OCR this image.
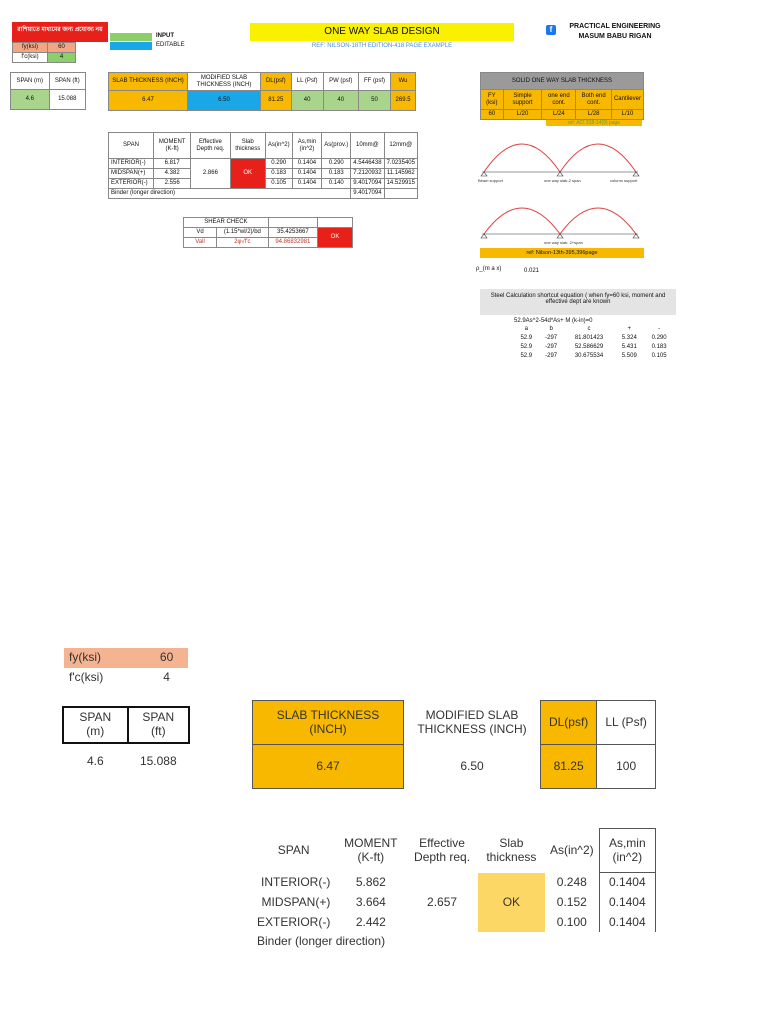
রাশিয়াতে মাধ্যমের জন্য প্রযোজ্য নয়
fy(ksi)	60
f'c(ksi)	4
INPUT
EDITABLE
ONE WAY SLAB DESIGN
REF: NILSON-18TH EDITION-418 PAGE EXAMPLE
f	PRACTICAL ENGINEERING
MASUM BABU RIGAN
SPAN (m)	SPAN (ft)
4.6	15.088
SLAB THICKNESS (INCH)	MODIFIED SLAB THICKNESS (INCH)	DL(psf)	LL (Psf)	PW (psf)	FF (psf)	Wu
6.47	6.50	81.25	40	40	50	269.5
SOLID ONE WAY SLAB THICKNESS				
FY (ksi)	Simple support	one end cont.	Both end cont.	Cantilever
60	L/20	L/24	L/28	L/10
ref: ACI 318-14(9) page
SPAN	MOMENT (K-ft)	Effective Depth req.	Slab thickness	As(in^2)	As,min (in^2)	As(prov.)	10mm@	12mm@
INTERIOR(-)	6.817	2.866	OK	0.290	0.1404	0.290	4.5446438	7.0235405
MIDSPAN(+)	4.382			0.183	0.1404	0.183	7.2120932	11.145962
EXTERIOR(-)	2.556			0.105	0.1404	0.140	9.4017094	14.529915
Binder (longer direction)							9.4017094	
SHEAR CHECK			
Vd	(1.15*wl/2)/bd	35.4253667	OK
Vall	2φ√f'c	94.86832981	
Beam support	column support
one way slab-2 span
one way slab, 2+span
ref: Nilson-13th-395,396page
ρ_(m a x)	0.021
Steel Calculation shortcut equation ( when fy=60 ksi, moment and effective dept are known
52.9As^2-54d*As+ M (k-in)=0
a	b	c	+	-
52.9	-297	81.801423	5.324	0.290
52.9	-297	52.586629	5.431	0.183
52.9	-297	30.675534	5.509	0.105
fy(ksi)	60
f'c(ksi)	4
SPAN (m)	SPAN (ft)
4.6	15.088
SLAB THICKNESS (INCH)	MODIFIED SLAB THICKNESS (INCH)	DL(psf)	LL (Psf)
6.47	6.50	81.25	100
SPAN	MOMENT (K-ft)	Effective Depth req.	Slab thickness	As(in^2)	As,min (in^2)
INTERIOR(-)	5.862	2.657	OK	0.248	0.1404
MIDSPAN(+)	3.664			0.152	0.1404
EXTERIOR(-)	2.442			0.100	0.1404
Binder (longer direction)					
